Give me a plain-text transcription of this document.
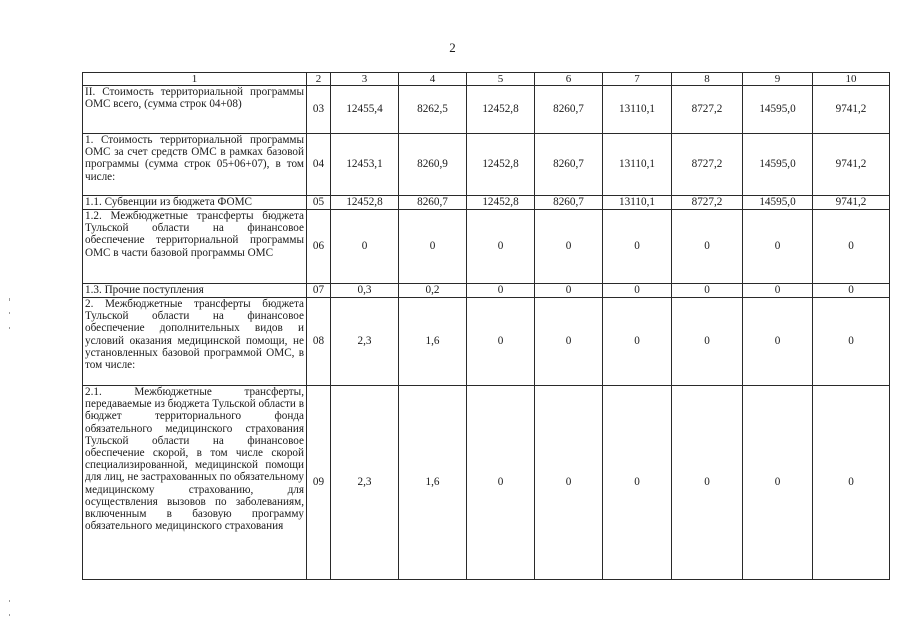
2
1	2	3	4	5	6	7	8	9	10
II. Стоимость территориальной программы ОМС всего, (сумма строк 04+08)	03	12455,4	8262,5	12452,8	8260,7	13110,1	8727,2	14595,0	9741,2
1. Стоимость территориальной программы ОМС за счет средств ОМС в рамках базовой программы (сумма строк 05+06+07), в том числе:	04	12453,1	8260,9	12452,8	8260,7	13110,1	8727,2	14595,0	9741,2
1.1. Субвенции из бюджета ФОМС	05	12452,8	8260,7	12452,8	8260,7	13110,1	8727,2	14595,0	9741,2
1.2. Межбюджетные трансферты бюджета Тульской области на финансовое обеспечение территориальной программы ОМС в части базовой программы ОМС	06	0	0	0	0	0	0	0	0
1.3. Прочие поступления	07	0,3	0,2	0	0	0	0	0	0
2. Межбюджетные трансферты бюджета Тульской области на финансовое обеспечение дополнительных видов и условий оказания медицинской помощи, не установленных базовой программой ОМС, в том числе:	08	2,3	1,6	0	0	0	0	0	0
2.1. Межбюджетные трансферты, передаваемые из бюджета Тульской области в бюджет территориального фонда обязательного медицинского страхования Тульской области на финансовое обеспечение скорой, в том числе скорой специализированной, медицинской помощи для лиц, не застрахованных по обязательному медицинскому страхованию, для осуществления вызовов по заболеваниям, включенным в базовую программу обязательного медицинского страхования	09	2,3	1,6	0	0	0	0	0	0
